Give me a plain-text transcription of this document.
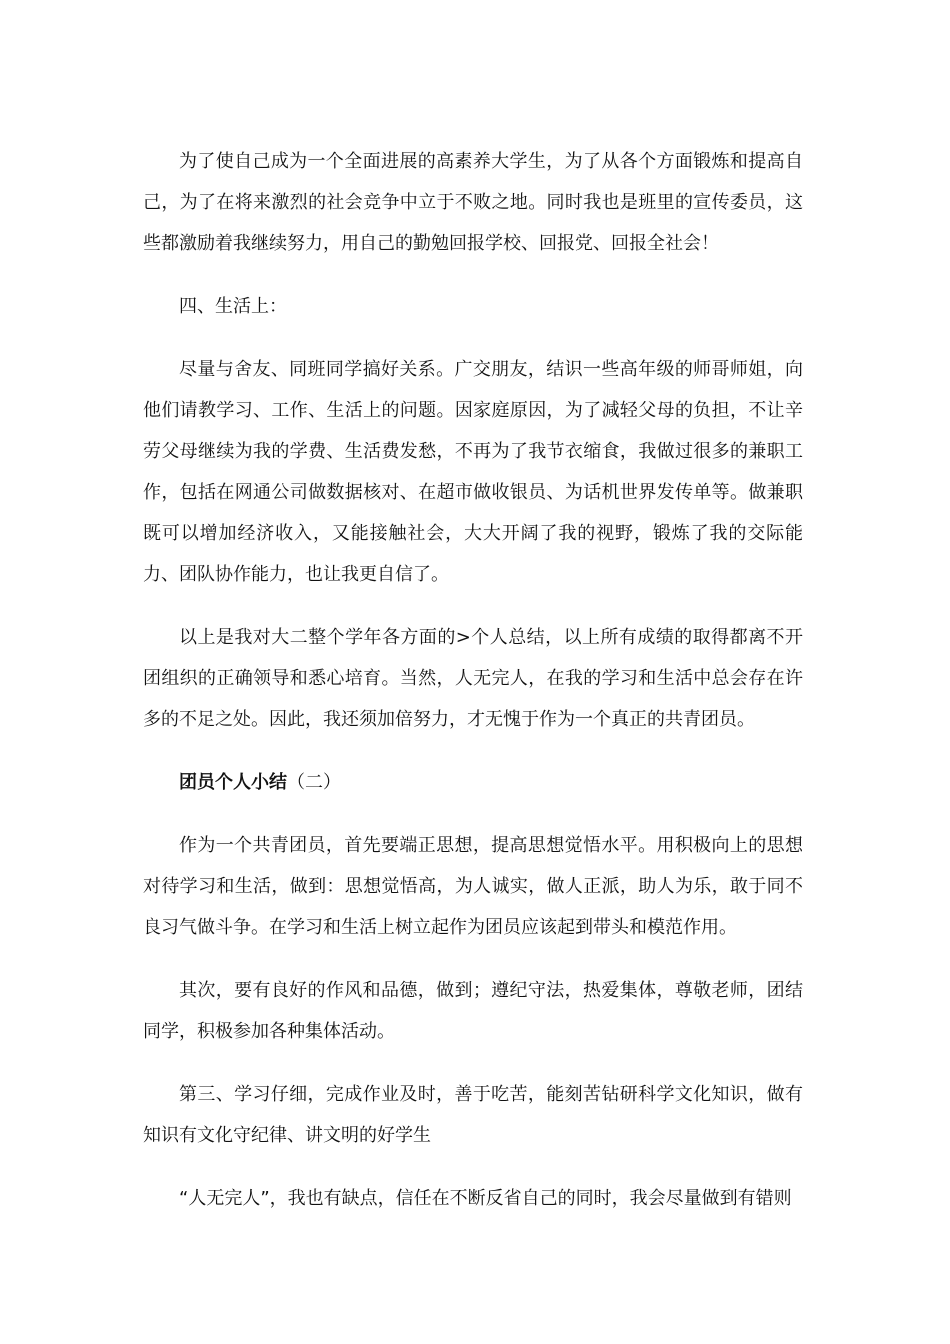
为了使自己成为一个全面进展的高素养大学生，为了从各个方面锻炼和提高自己，为了在将来激烈的社会竞争中立于不败之地。同时我也是班里的宣传委员，这些都激励着我继续努力，用自己的勤勉回报学校、回报党、回报全社会！

四、生活上：

尽量与舍友、同班同学搞好关系。广交朋友，结识一些高年级的师哥师姐，向他们请教学习、工作、生活上的问题。因家庭原因，为了减轻父母的负担，不让辛劳父母继续为我的学费、生活费发愁，不再为了我节衣缩食，我做过很多的兼职工作，包括在网通公司做数据核对、在超市做收银员、为话机世界发传单等。做兼职既可以增加经济收入，又能接触社会，大大开阔了我的视野，锻炼了我的交际能力、团队协作能力，也让我更自信了。

以上是我对大二整个学年各方面的>个人总结，以上所有成绩的取得都离不开团组织的正确领导和悉心培育。当然，人无完人，在我的学习和生活中总会存在许多的不足之处。因此，我还须加倍努力，才无愧于作为一个真正的共青团员。

团员个人小结（二）

作为一个共青团员，首先要端正思想，提高思想觉悟水平。用积极向上的思想对待学习和生活，做到：思想觉悟高，为人诚实，做人正派，助人为乐，敢于同不良习气做斗争。在学习和生活上树立起作为团员应该起到带头和模范作用。

其次，要有良好的作风和品德，做到；遵纪守法，热爱集体，尊敬老师，团结同学，积极参加各种集体活动。

第三、学习仔细，完成作业及时，善于吃苦，能刻苦钻研科学文化知识，做有知识有文化守纪律、讲文明的好学生

“人无完人”，我也有缺点，信任在不断反省自己的同时，我会尽量做到有错则
